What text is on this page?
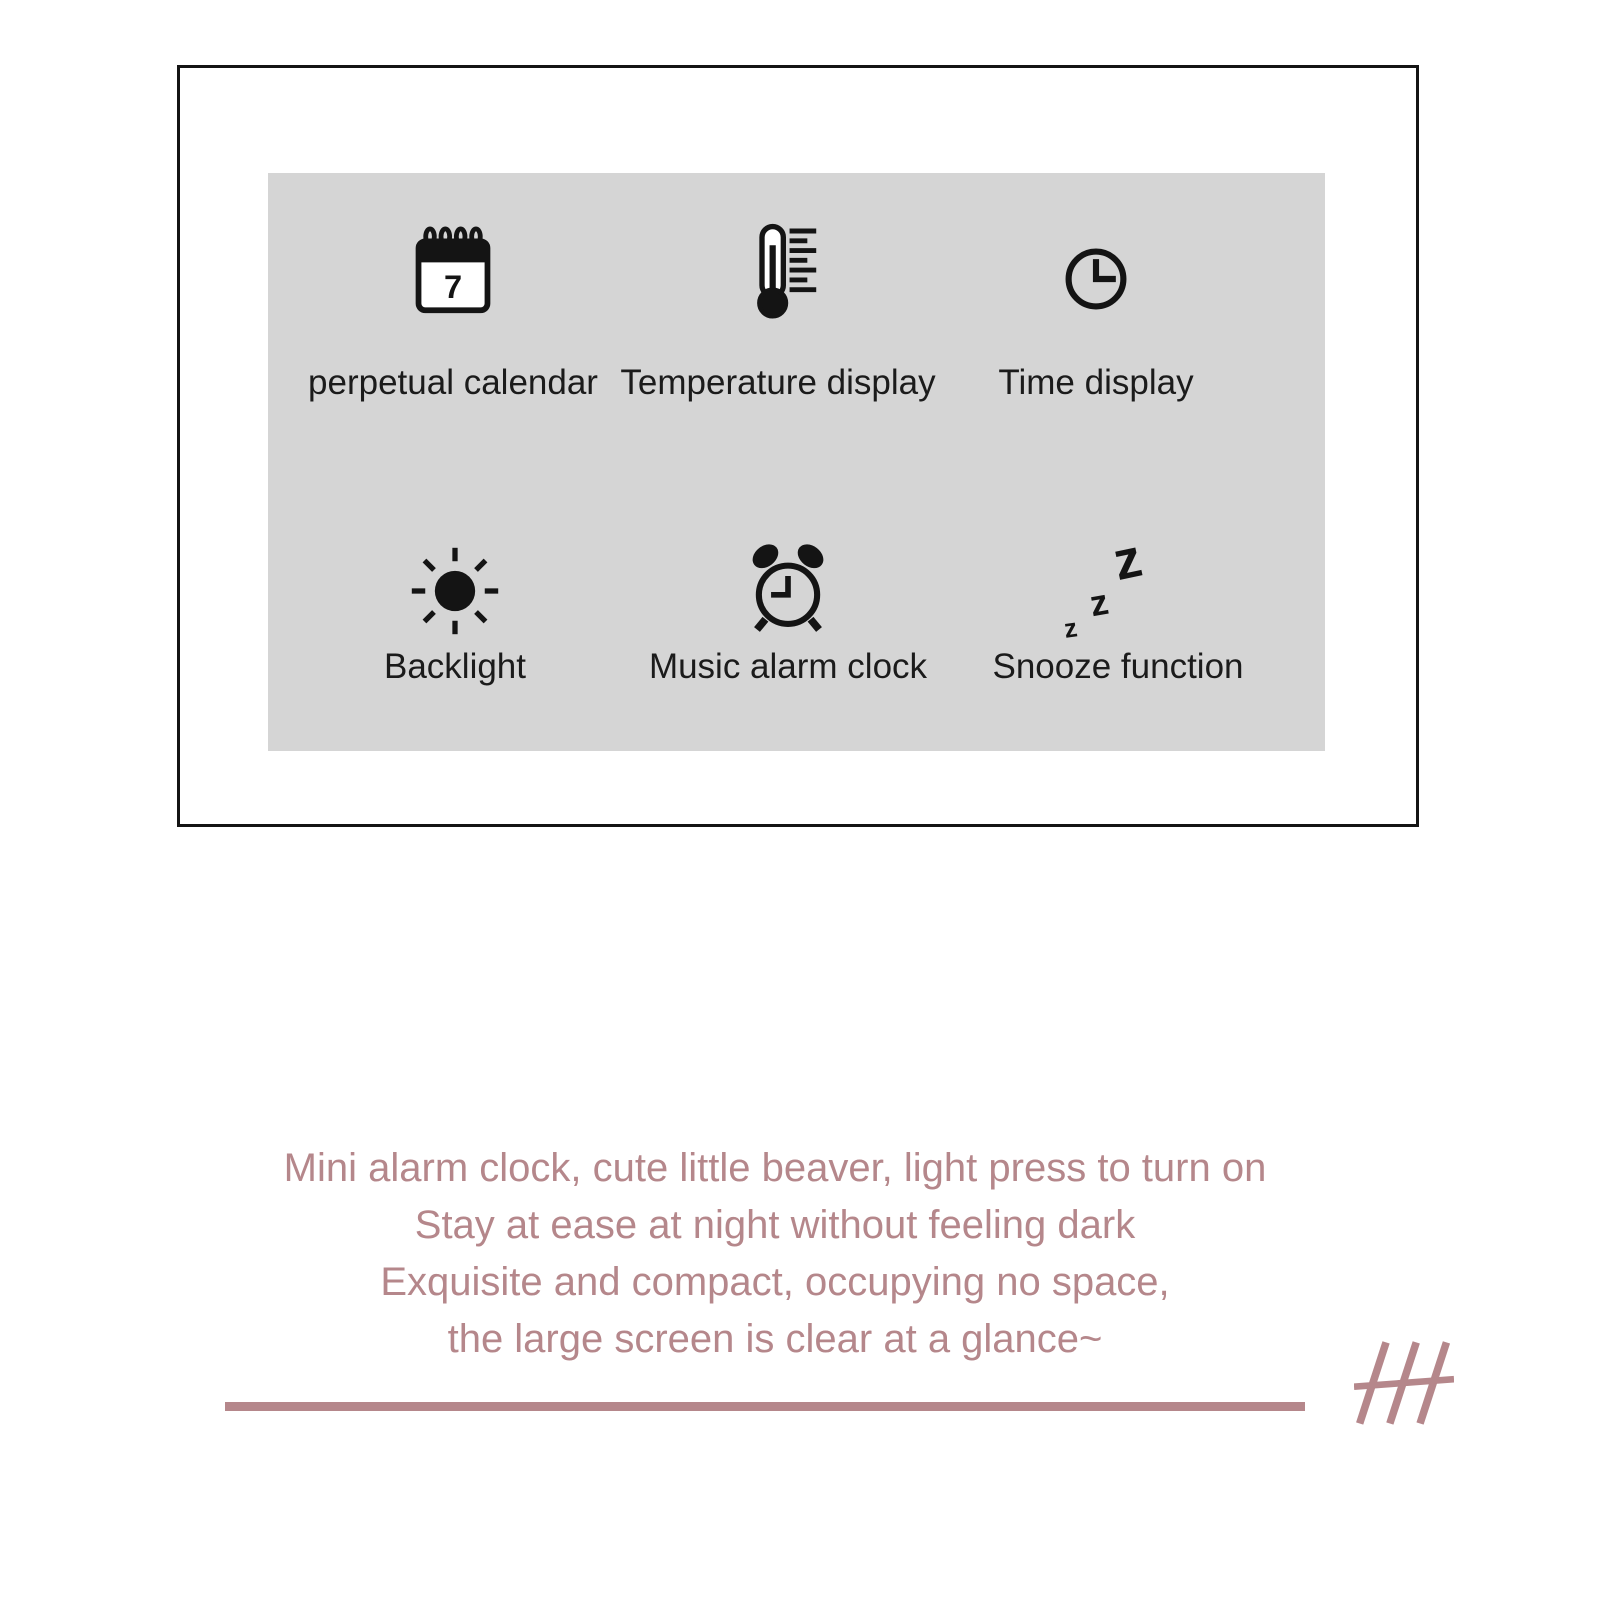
7
perpetual calendar Temperature display	Time display
Backlight	Music alarm clock
z
z
z
Snooze function
Mini alarm clock, cute little beaver, light press to turn on
Stay at ease at night without feeling dark
Exquisite and compact, occupying no space,
the large screen is clear at a glance~
